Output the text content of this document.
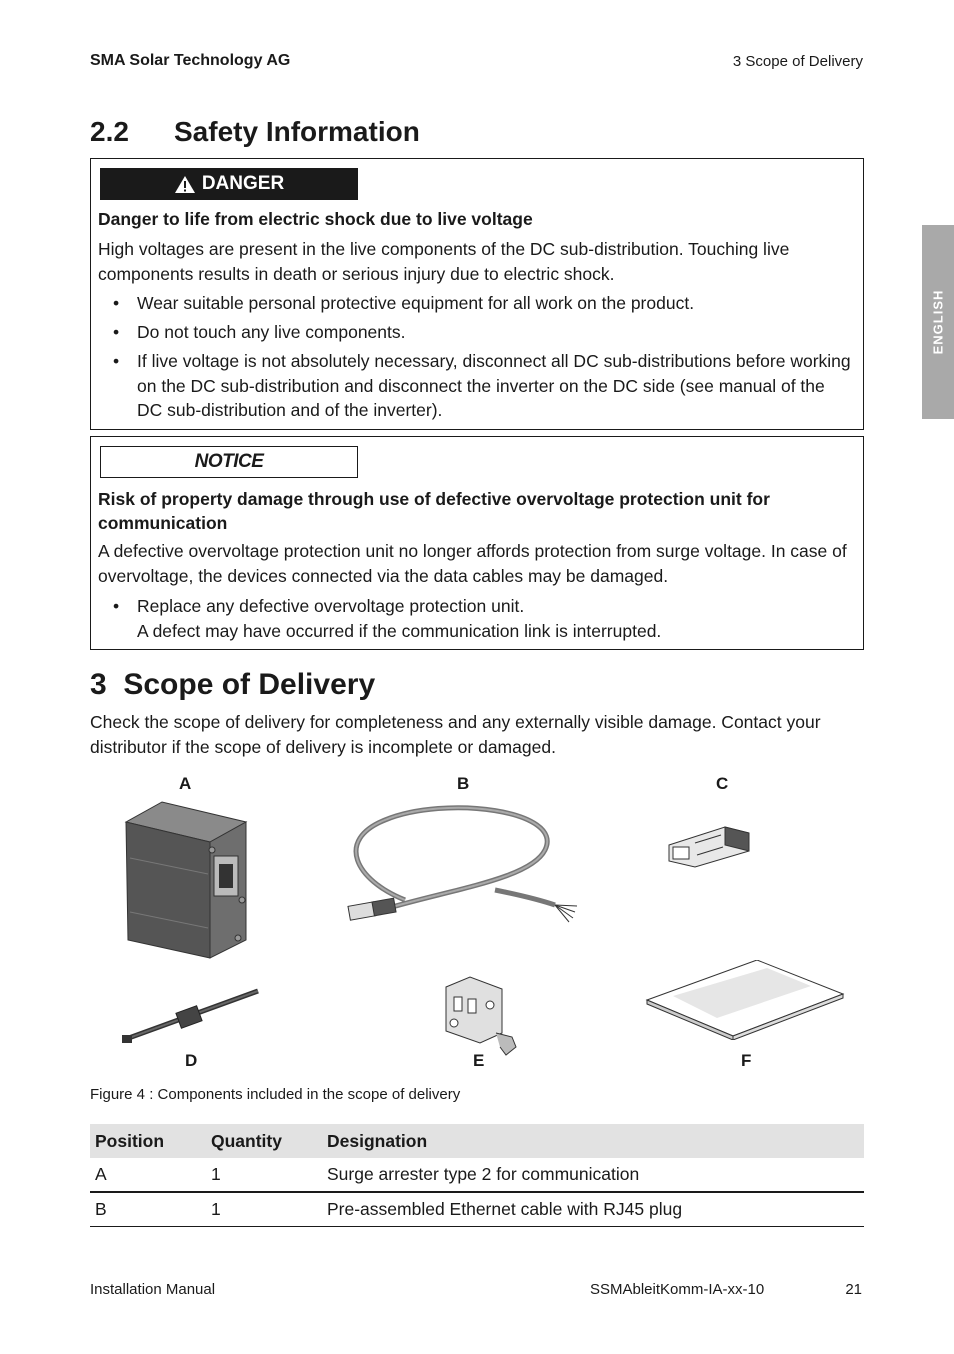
SMA Solar Technology AG	3 Scope of Delivery
ENGLISH
2.2 Safety Information
DANGER
Danger to life from electric shock due to live voltage
High voltages are present in the live components of the DC sub-distribution. Touching live components results in death or serious injury due to electric shock.
• Wear suitable personal protective equipment for all work on the product.
• Do not touch any live components.
• If live voltage is not absolutely necessary, disconnect all DC sub-distributions before working on the DC sub-distribution and disconnect the inverter on the DC side (see manual of the DC sub-distribution and of the inverter).
NOTICE
Risk of property damage through use of defective overvoltage protection unit for communication
A defective overvoltage protection unit no longer affords protection from surge voltage. In case of overvoltage, the devices connected via the data cables may be damaged.
• Replace any defective overvoltage protection unit.
A defect may have occurred if the communication link is interrupted.
3 Scope of Delivery
Check the scope of delivery for completeness and any externally visible damage. Contact your distributor if the scope of delivery is incomplete or damaged.
A	B	C
D	E	F
Figure 4 : Components included in the scope of delivery
Position	Quantity	Designation
A	1	Surge arrester type 2 for communication
B	1	Pre-assembled Ethernet cable with RJ45 plug
Installation Manual	SSMAbleitKomm-IA-xx-10	21
